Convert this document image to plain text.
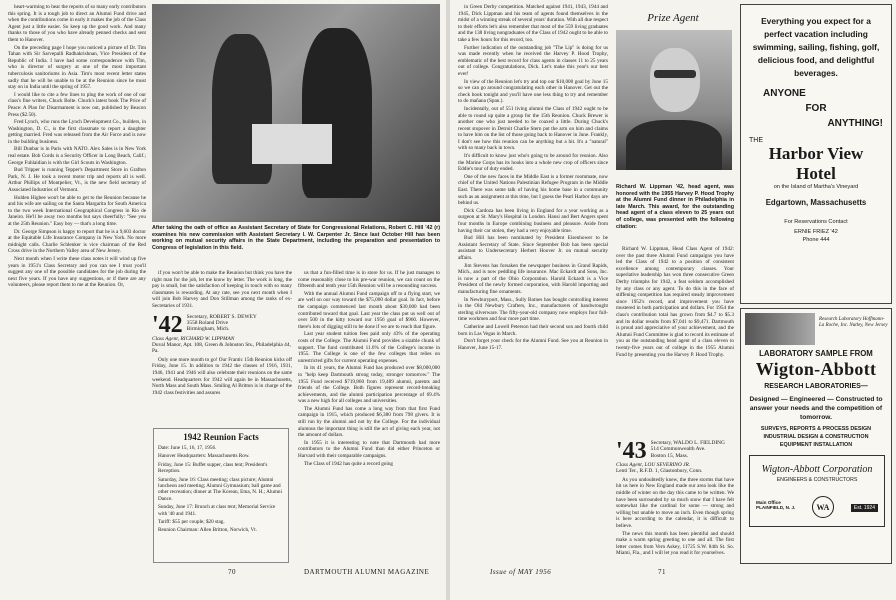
heart-warming to hear the reports of so many early contributors this spring. It is a tough job to direct an Alumni Fund drive and when the contributions come in early it makes the job of the Class Agent just a little easier. So keep up the good work. And many thanks to those of you who have already penned checks and sent them to Hanover.

On the preceding page I hope you noticed a picture of Dr. Tim Tahan with Sir Sarvepalli Radhakrishnan, Vice President of the Republic of India. I have had some correspondence with Tim, who is director of surgery at one of the most important tuberculosis sanitoriums in Asia. Tim's most recent letter states sadly that he will be unable to be at the Reunion since he must stay on in India until the spring of 1957.

I would like to cite a few lines to plug the work of one of our class's fine writers, Chuck Bolte. Chuck's latest book The Price of Peace: A Plan for Disarmament is now out, published by Beacon Press ($2.50).

Fred Lynch, who runs the Lynch Development Co., builders, in Washington, D. C., is the first classmate to report a daughter getting married. Fred was released from the Air Force and is now in the building business.

Bill Dunbar is in Paris with NATO. Alex Sales is in New York real estate. Bob Cords is a Security Officer in Long Beach, Calif.; George Fuhlaidian is with the Girl Scouts in Washington.

Bud Tripper is running Tepper's Department Store in Grafton Park, N. J. He took a recent motor trip and reports all is well. Arthur Phillips of Montpelier, Vt., is the new field secretary of Associated Industries of Vermont.

Holden Higbee won't be able to get to the Reunion because he and his wife are sailing on the Santa Margarita for South America to the two week International Geographical Congress in Rio de Janeiro. He'll be away two months but says cheerfully: "See you at the 25th Reunion." Easy boy — that's a long time.

Dr. George Simpson is happy to report that he is a 9,603 doctor at the Equitable Life Insurance Company in New York. No more midnight calls. Charlie Schlenker is vice chairman of the Red Cross drive in the Northern Valley area of New Jersey.

Next month when I write these class notes it will wind up five years in 1951's Class Secretary and you can see I trust you'll suggest any one of the possible candidates for the job during the next five years. If you have any suggestions, or if there are any volunteers, please report them to me at the Reunion. Or,

After taking the oath of office as Assistant Secretary of State for Congressional Relations, Robert C. Hill '42 (r) examines his new commission with Assistant Secretary I. W. Carpenter Jr. Since last October Hill has been working on mutual security affairs in the State Department, including the preparation and presentation to Congress of legislation in this field.

if you won't be able to make the Reunion but think you have the right man for the job, let me know by letter. The work is long, the pay is small, but the satisfaction of keeping in touch with so many classmates is rewarding. At any rate, see you next month when I will join Bob Harvey and Don Stillman among the ranks of ex-Secretaries of 1931.

'42 Secretary, ROBERT S. DEWEY
3558 Roland Drive
Birmingham, Mich.
Class Agent, RICHARD W. LIPPMAN
Duval Manor, Apt. 108, Green & Johnston Sts., Philadelphia 44, Pa.

Only one more month to go! Our Frantic 15th Reunion kicks off Friday, June 15. In addition to 1942 the classes of 1916, 1931, 1946, 1941 and 1946 will also celebrate their reunions on the same weekend. Headquarters for 1942 will again be in Massachusetts, North Mass and South Mass. Smiling Al Britton is in charge of the 1942 class festivities and assures

1942 Reunion Facts
Date: June 15, 16, 17, 1956.
Hanover Headquarters: Massachusetts Row.
Friday, June 15: Buffet supper, class tent; President's Reception.
Saturday, June 16: Class meeting; class picture; Alumni luncheon and meeting; Alumni Gymnasium; ball game and other recreation; dinner at The Korean, Etna, N. H.; Alumni Dance.
Sunday, June 17: Brunch at class tent; Memorial Service with '40 and 1941.
Tariff: $55 per couple; $20 stag.
Reunion Chairman: Allen Britton, Norwich, Vt.

us that a fun-filled time is in store for us. If he just manages to come reasonably close to his pre-war reunion, we can count on the fifteenth and tenth year 15th Reunion will be a resounding success.

With the annual Alumni Fund campaign off to a flying start, we are well on our way toward the $75,000 dollar goal. In fact, before the campaign commenced last month about $30,000 had been contributed toward that goal. Last year the class put us well out of over 500 in the kitty toward our 1956 goal of $960. However, there's lots of digging still to be done if we are to reach that figure.

Last year student tuition fees paid only 43% of the operating costs of the College. The Alumni Fund provides a sizable chunk of support. The fund contributed 11.6% of the College's income in 1955. The College is one of the few colleges that relies on unrestricted gifts for current operating expenses.

In its 41 years, the Alumni Fund has produced over $8,000,000 to "help keep Dartmouth strong today, stronger tomorrow." The 1955 Fund received $719,860 from 19,489 alumni, parents and friends of the College. Both figures represent record-breaking achievements, and the alumni participation percentage of 69.4% was a new high for all colleges and universities.

The Alumni Fund has come a long way from that first Fund campaign in 1915, which produced $6,380 from 798 givers. It is still run by the alumni and not by the College. For the individual alumnus the important thing is still the act of giving each year, not the amount of dollars.

In 1955 it is interesting to note that Dartmouth had more contributors to the Alumni Fund than did either Princeton or Harvard with their comparable campaigns.

The Class of 1942 has quite a record going

70	DARTMOUTH ALUMNI MAGAZINE

in Green Derby competition. Matched against 1941, 1943, 1944 and 1945, Dick Lippman and his team of agents found themselves in the midst of a winning streak of several years' duration. With all due respect to their efforts let's also remember that most of the 559 living graduates and the 138 living nongraduates of the Class of 1942 ought to be able to take a few hours for this record, too.

Further indication of the outstanding job "The Lip" is doing for us was made recently when he received the Harvey P. Hood Trophy, emblematic of the best record for class agents in classes 11 to 25 years out of college. Congratulations, Dick. Let's make this year's our best ever!

In view of the Reunion let's try and top our $10,000 goal by June 15 so we can go around congratulating each other in Hanover. Get out the check book tonight and you'll have one less thing to try and remember to do mañana (Span.).

Incidentally, out of 551 living alumni the Class of 1942 ought to be able to round up quite a group for the 15th Reunion. Chuck Brewer is another one who just needed to be coaxed a little. During Chuck's recent stopover in Detroit Charlie Stern put the arm on him and claims to have him on the list of those going back to Hanover in June. Frankly, I don't see how this reunion can be anything but a hit. It's a "natural" with so many back in town.

It's difficult to know just who's going to be around for reunion. Also the Marine Corps has its hooks into a whole new crop of officers since Eddie's tour of duty ended.

One of the new faces in the Middle East is a former roommate, now chief of the United Nations Palestinian Refugee Program in the Middle East. There was some talk of having his home base in a community such as an assignment at this time, but I guess the Pearl Harbor days are behind us.

Dick Cardoza has been living in England for a year working as a surgeon at St. Mary's Hospital in London. Hansi and Bert Angers spent four months in Europe combining business and pleasure. Aside from having their car stolen, they had a very enjoyable time.

Bud Hill has been nominated by President Eisenhower to be Assistant Secretary of State. Since September Bob has been special assistant to Undersecretary Herbert Hoover Jr. on mutual security affairs.

Jim Stevens has forsaken the newspaper business in Grand Rapids, Mich., and is now peddling life insurance. Mac Eckardt and Sons, Inc. is now a part of the Ohio Corporation. Harold Eckardt is a Vice President of the newly formed corporation, with Harold importing and manufacturing fine ornaments.

In Newburyport, Mass., Sully Barnes has bought controlling interest in the Old Newbury Crafters, Inc., manufacturers of handwrought sterling silverware. The fifty-year-old company now employs four full-time workmen and four more part time.

Catherine and Lowell Peterson had their second son and fourth child born in Las Vegas in March.

Don't forget your check for the Alumni Fund. See you at Reunion in Hanover, June 15-17.

Prize Agent
Richard W. Lippman '42, head agent, was honored with the 1955 Harvey P. Hood Trophy at the Alumni Fund dinner in Philadelphia in late March. This award, for the outstanding head agent of a class eleven to 25 years out of college, was presented with the following citation:

Richard W. Lippman, Head Class Agent of 1942: over the past three Alumni Fund campaigns you have led the Class of 1942 to a position of consistent excellence among contemporary classes. Your superlative leadership has won three consecutive Green Derby triumphs for 1942, a feat seldom accomplished by any class or any agent. To do this in the face of stiffening competition has required steady improvement since 1952's record, and improvement you have mustered in both participation and dollars. For 1954 the class's contribution total has grown from $4.7 to $5.3 and its dollar results from $7,041 to $9,471. Dartmouth is proud and appreciative of your achievement, and the Alumni Fund Committee is glad to record its estimate of you as the outstanding head agent of a class eleven to twenty-five years out of college in the 1955 Alumni Fund by presenting you the Harvey P. Hood Trophy.

'43 Secretary, WALDO L. FIELDING
514 Commonwealth Ave.
Boston 15, Mass.
Class Agent, LOU SEVERINO JR.
Lenti Ter., R.F.D. 1, Glastonbury, Conn.

As you undoubtedly knew, the three storms that have hit us here in New England made our area look like the middle of winter on the day this came to be written. We have been surrounded by so much snow that I have felt somewhat like the cardinal for some — strong and willing but unable to move an inch. Even though spring is here according to the calendar, it is difficult to believe.

The news this month has been plentiful and should make a warm spring greeting to one and all. The first letter comes from Vern Askey, 11725 S.W. 84th St. So. Miami, Fla., and I will let you read it for yourselves.

Everything you expect for a perfect vacation including swimming, sailing, fishing, golf, delicious food, and delightful beverages.
ANYONE
FOR
ANYTHING!
THE
Harbor View Hotel
on the Island of Martha's Vineyard
Edgartown, Massachusetts
For Reservations Contact
ERNIE FRIEZ '42
Phone 444
Research Laboratory Hoffmann-La Roche, Inc. Nutley, New Jersey
LABORATORY SAMPLE FROM
Wigton-Abbott
RESEARCH LABORATORIES—
Designed — Engineered — Constructed to answer your needs and the competition of tomorrow.
SURVEYS, REPORTS & PROCESS DESIGN INDUSTRIAL DESIGN & CONSTRUCTION EQUIPMENT INSTALLATION
Wigton-Abbott Corporation
ENGINEERS & CONSTRUCTORS
Main Office PLAINFIELD, N. J.	WA	Est. 1924
Issue of MAY 1956	71
